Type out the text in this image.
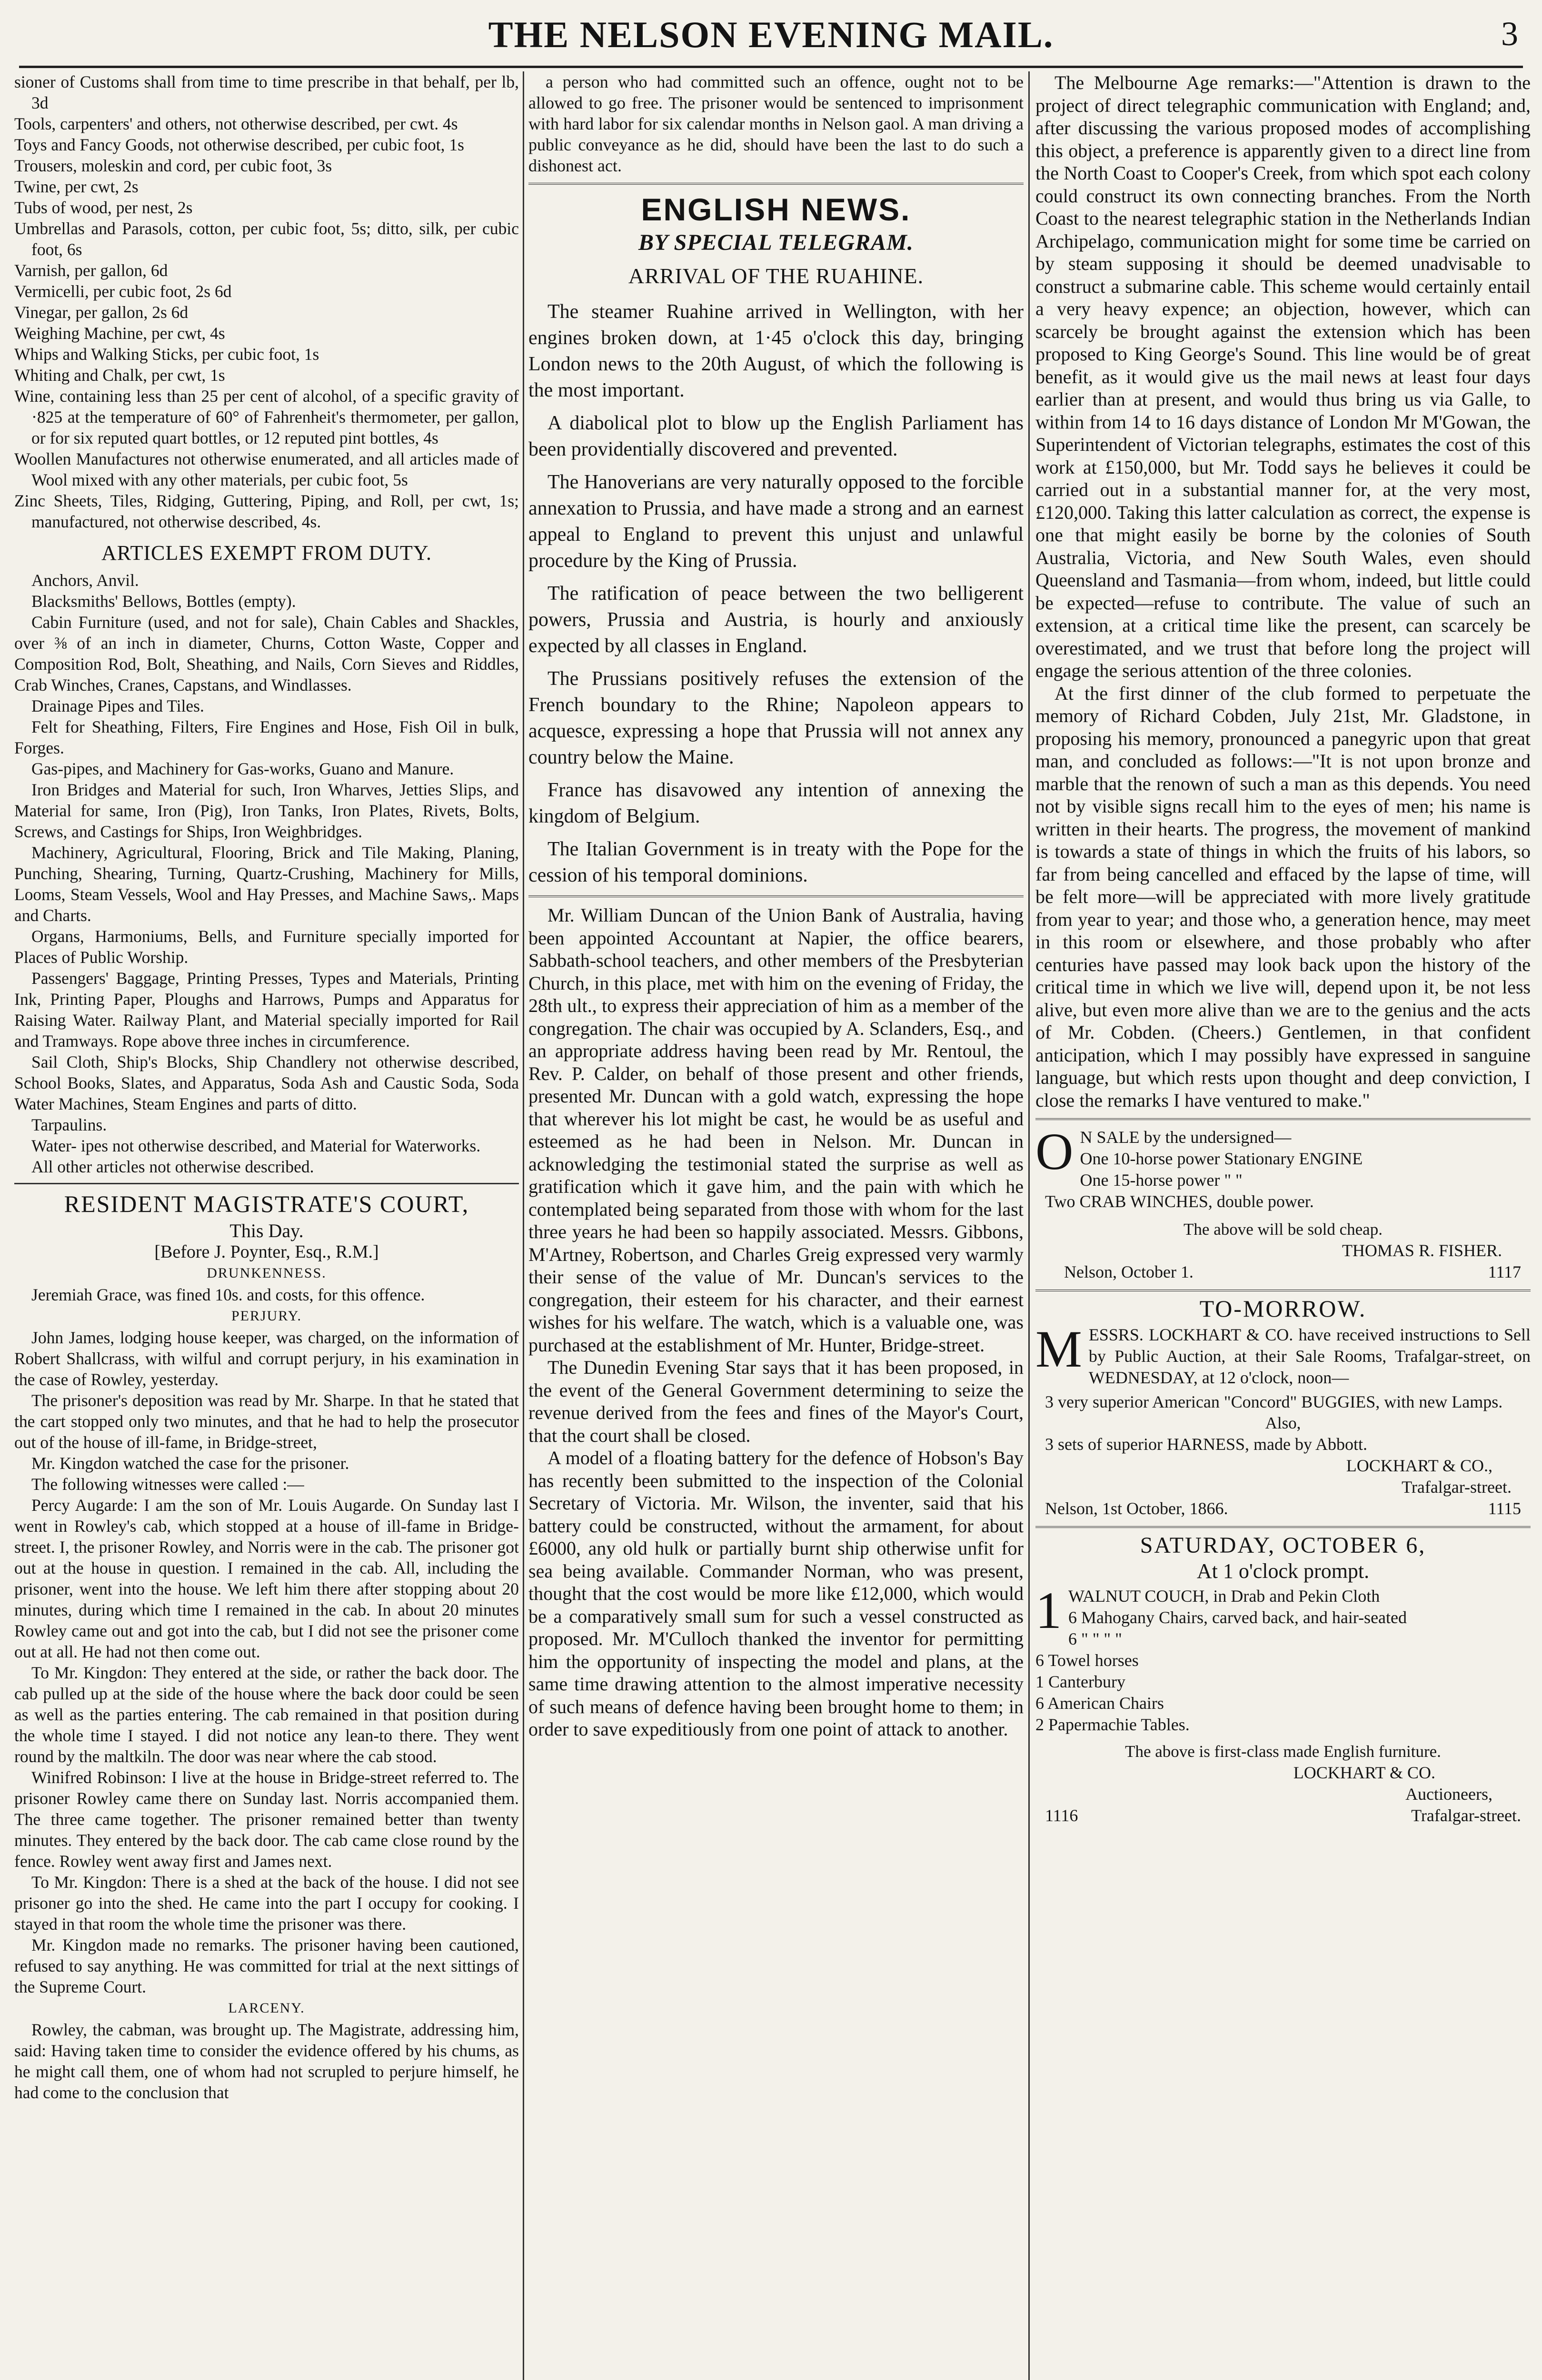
THE NELSON EVENING MAIL.	3

sioner of Customs shall from time to time prescribe in that behalf, per lb, 3d

Tools, carpenters' and others, not otherwise described, per cwt. 4s

Toys and Fancy Goods, not otherwise described, per cubic foot, 1s

Trousers, moleskin and cord, per cubic foot, 3s

Twine, per cwt, 2s

Tubs of wood, per nest, 2s

Umbrellas and Parasols, cotton, per cubic foot, 5s; ditto, silk, per cubic foot, 6s

Varnish, per gallon, 6d

Vermicelli, per cubic foot, 2s 6d

Vinegar, per gallon, 2s 6d

Weighing Machine, per cwt, 4s

Whips and Walking Sticks, per cubic foot, 1s

Whiting and Chalk, per cwt, 1s

Wine, containing less than 25 per cent of alcohol, of a specific gravity of ·825 at the temperature of 60° of Fahrenheit's thermometer, per gallon, or for six reputed quart bottles, or 12 reputed pint bottles, 4s

Woollen Manufactures not otherwise enumerated, and all articles made of Wool mixed with any other materials, per cubic foot, 5s

Zinc Sheets, Tiles, Ridging, Guttering, Piping, and Roll, per cwt, 1s; manufactured, not otherwise described, 4s.

ARTICLES EXEMPT FROM DUTY.

Anchors, Anvil.

Blacksmiths' Bellows, Bottles (empty).

Cabin Furniture (used, and not for sale), Chain Cables and Shackles, over ⅜ of an inch in diameter, Churns, Cotton Waste, Copper and Composition Rod, Bolt, Sheathing, and Nails, Corn Sieves and Riddles, Crab Winches, Cranes, Capstans, and Windlasses.

Drainage Pipes and Tiles.

Felt for Sheathing, Filters, Fire Engines and Hose, Fish Oil in bulk, Forges.

Gas-pipes, and Machinery for Gas-works, Guano and Manure.

Iron Bridges and Material for such, Iron Wharves, Jetties Slips, and Material for same, Iron (Pig), Iron Tanks, Iron Plates, Rivets, Bolts, Screws, and Castings for Ships, Iron Weighbridges.

Machinery, Agricultural, Flooring, Brick and Tile Making, Planing, Punching, Shearing, Turning, Quartz-Crushing, Machinery for Mills, Looms, Steam Vessels, Wool and Hay Presses, and Machine Saws,. Maps and Charts.

Organs, Harmoniums, Bells, and Furniture specially imported for Places of Public Worship.

Passengers' Baggage, Printing Presses, Types and Materials, Printing Ink, Printing Paper, Ploughs and Harrows, Pumps and Apparatus for Raising Water. Railway Plant, and Material specially imported for Rail and Tramways. Rope above three inches in circumference.

Sail Cloth, Ship's Blocks, Ship Chandlery not otherwise described, School Books, Slates, and Apparatus, Soda Ash and Caustic Soda, Soda Water Machines, Steam Engines and parts of ditto.

Tarpaulins.

Water- ipes not otherwise described, and Material for Waterworks.

All other articles not otherwise described.

RESIDENT MAGISTRATE'S COURT,
This Day.
[Before J. Poynter, Esq., R.M.]
DRUNKENNESS.

Jeremiah Grace, was fined 10s. and costs, for this offence.

PERJURY.

John James, lodging house keeper, was charged, on the information of Robert Shallcrass, with wilful and corrupt perjury, in his examination in the case of Rowley, yesterday.

The prisoner's deposition was read by Mr. Sharpe. In that he stated that the cart stopped only two minutes, and that he had to help the prosecutor out of the house of ill-fame, in Bridge-street,

Mr. Kingdon watched the case for the prisoner.

The following witnesses were called :—

Percy Augarde: I am the son of Mr. Louis Augarde. On Sunday last I went in Rowley's cab, which stopped at a house of ill-fame in Bridge-street. I, the prisoner Rowley, and Norris were in the cab. The prisoner got out at the house in question. I remained in the cab. All, including the prisoner, went into the house. We left him there after stopping about 20 minutes, during which time I remained in the cab. In about 20 minutes Rowley came out and got into the cab, but I did not see the prisoner come out at all. He had not then come out.

To Mr. Kingdon: They entered at the side, or rather the back door. The cab pulled up at the side of the house where the back door could be seen as well as the parties entering. The cab remained in that position during the whole time I stayed. I did not notice any lean-to there. They went round by the maltkiln. The door was near where the cab stood.

Winifred Robinson: I live at the house in Bridge-street referred to. The prisoner Rowley came there on Sunday last. Norris accompanied them. The three came together. The prisoner remained better than twenty minutes. They entered by the back door. The cab came close round by the fence. Rowley went away first and James next.

To Mr. Kingdon: There is a shed at the back of the house. I did not see prisoner go into the shed. He came into the part I occupy for cooking. I stayed in that room the whole time the prisoner was there.

Mr. Kingdon made no remarks. The prisoner having been cautioned, refused to say anything. He was committed for trial at the next sittings of the Supreme Court.

LARCENY.

Rowley, the cabman, was brought up. The Magistrate, addressing him, said: Having taken time to consider the evidence offered by his chums, as he might call them, one of whom had not scrupled to perjure himself, he had come to the conclusion that

a person who had committed such an offence, ought not to be allowed to go free. The prisoner would be sentenced to imprisonment with hard labor for six calendar months in Nelson gaol. A man driving a public conveyance as he did, should have been the last to do such a dishonest act.

ENGLISH NEWS.
BY SPECIAL TELEGRAM.
ARRIVAL OF THE RUAHINE.

The steamer Ruahine arrived in Wellington, with her engines broken down, at 1·45 o'clock this day, bringing London news to the 20th August, of which the following is the most important.

A diabolical plot to blow up the English Parliament has been providentially discovered and prevented.

The Hanoverians are very naturally opposed to the forcible annexation to Prussia, and have made a strong and an earnest appeal to England to prevent this unjust and unlawful procedure by the King of Prussia.

The ratification of peace between the two belligerent powers, Prussia and Austria, is hourly and anxiously expected by all classes in England.

The Prussians positively refuses the extension of the French boundary to the Rhine; Napoleon appears to acquesce, expressing a hope that Prussia will not annex any country below the Maine.

France has disavowed any intention of annexing the kingdom of Belgium.

The Italian Government is in treaty with the Pope for the cession of his temporal dominions.

Mr. William Duncan of the Union Bank of Australia, having been appointed Accountant at Napier, the office bearers, Sabbath-school teachers, and other members of the Presbyterian Church, in this place, met with him on the evening of Friday, the 28th ult., to express their appreciation of him as a member of the congregation. The chair was occupied by A. Sclanders, Esq., and an appropriate address having been read by Mr. Rentoul, the Rev. P. Calder, on behalf of those present and other friends, presented Mr. Duncan with a gold watch, expressing the hope that wherever his lot might be cast, he would be as useful and esteemed as he had been in Nelson. Mr. Duncan in acknowledging the testimonial stated the surprise as well as gratification which it gave him, and the pain with which he contemplated being separated from those with whom for the last three years he had been so happily associated. Messrs. Gibbons, M'Artney, Robertson, and Charles Greig expressed very warmly their sense of the value of Mr. Duncan's services to the congregation, their esteem for his character, and their earnest wishes for his welfare. The watch, which is a valuable one, was purchased at the establishment of Mr. Hunter, Bridge-street.

The Dunedin Evening Star says that it has been proposed, in the event of the General Government determining to seize the revenue derived from the fees and fines of the Mayor's Court, that the court shall be closed.

A model of a floating battery for the defence of Hobson's Bay has recently been submitted to the inspection of the Colonial Secretary of Victoria. Mr. Wilson, the inventer, said that his battery could be constructed, without the armament, for about £6000, any old hulk or partially burnt ship otherwise unfit for sea being available. Commander Norman, who was present, thought that the cost would be more like £12,000, which would be a comparatively small sum for such a vessel constructed as proposed. Mr. M'Culloch thanked the inventor for permitting him the opportunity of inspecting the model and plans, at the same time drawing attention to the almost imperative necessity of such means of defence having been brought home to them; in order to save expeditiously from one point of attack to another.

The Melbourne Age remarks:—"Attention is drawn to the project of direct telegraphic communication with England; and, after discussing the various proposed modes of accomplishing this object, a preference is apparently given to a direct line from the North Coast to Cooper's Creek, from which spot each colony could construct its own connecting branches. From the North Coast to the nearest telegraphic station in the Netherlands Indian Archipelago, communication might for some time be carried on by steam supposing it should be deemed unadvisable to construct a submarine cable. This scheme would certainly entail a very heavy expence; an objection, however, which can scarcely be brought against the extension which has been proposed to King George's Sound. This line would be of great benefit, as it would give us the mail news at least four days earlier than at present, and would thus bring us via Galle, to within from 14 to 16 days distance of London Mr M'Gowan, the Superintendent of Victorian telegraphs, estimates the cost of this work at £150,000, but Mr. Todd says he believes it could be carried out in a substantial manner for, at the very most, £120,000. Taking this latter calculation as correct, the expense is one that might easily be borne by the colonies of South Australia, Victoria, and New South Wales, even should Queensland and Tasmania—from whom, indeed, but little could be expected—refuse to contribute. The value of such an extension, at a critical time like the present, can scarcely be overestimated, and we trust that before long the project will engage the serious attention of the three colonies.

At the first dinner of the club formed to perpetuate the memory of Richard Cobden, July 21st, Mr. Gladstone, in proposing his memory, pronounced a panegyric upon that great man, and concluded as follows:—"It is not upon bronze and marble that the renown of such a man as this depends. You need not by visible signs recall him to the eyes of men; his name is written in their hearts. The progress, the movement of mankind is towards a state of things in which the fruits of his labors, so far from being cancelled and effaced by the lapse of time, will be felt more—will be appreciated with more lively gratitude from year to year; and those who, a generation hence, may meet in this room or elsewhere, and those probably who after centuries have passed may look back upon the history of the critical time in which we live will, depend upon it, be not less alive, but even more alive than we are to the genius and the acts of Mr. Cobden. (Cheers.) Gentlemen, in that confident anticipation, which I may possibly have expressed in sanguine language, but which rests upon thought and deep conviction, I close the remarks I have ventured to make."

O N SALE by the undersigned—
One 10-horse power Stationary ENGINE
One 15-horse power " "
Two CRAB WINCHES, double power.
The above will be sold cheap.
THOMAS R. FISHER.
Nelson, October 1.	1117
TO-MORROW.
M ESSRS. LOCKHART & CO. have received instructions to Sell by Public Auction, at their Sale Rooms, Trafalgar-street, on WEDNESDAY, at 12 o'clock, noon—
3 very superior American "Concord" BUGGIES, with new Lamps.
Also,
3 sets of superior HARNESS, made by Abbott.
LOCKHART & CO.,
Trafalgar-street.
Nelson, 1st October, 1866.	1115
SATURDAY, OCTOBER 6,
At 1 o'clock prompt.
1 WALNUT COUCH, in Drab and Pekin Cloth
6 Mahogany Chairs, carved back, and hair-seated
6 " " " "
6 Towel horses
1 Canterbury
6 American Chairs
2 Papermachie Tables.
The above is first-class made English furniture.
LOCKHART & CO.
Auctioneers,
1116	Trafalgar-street.
